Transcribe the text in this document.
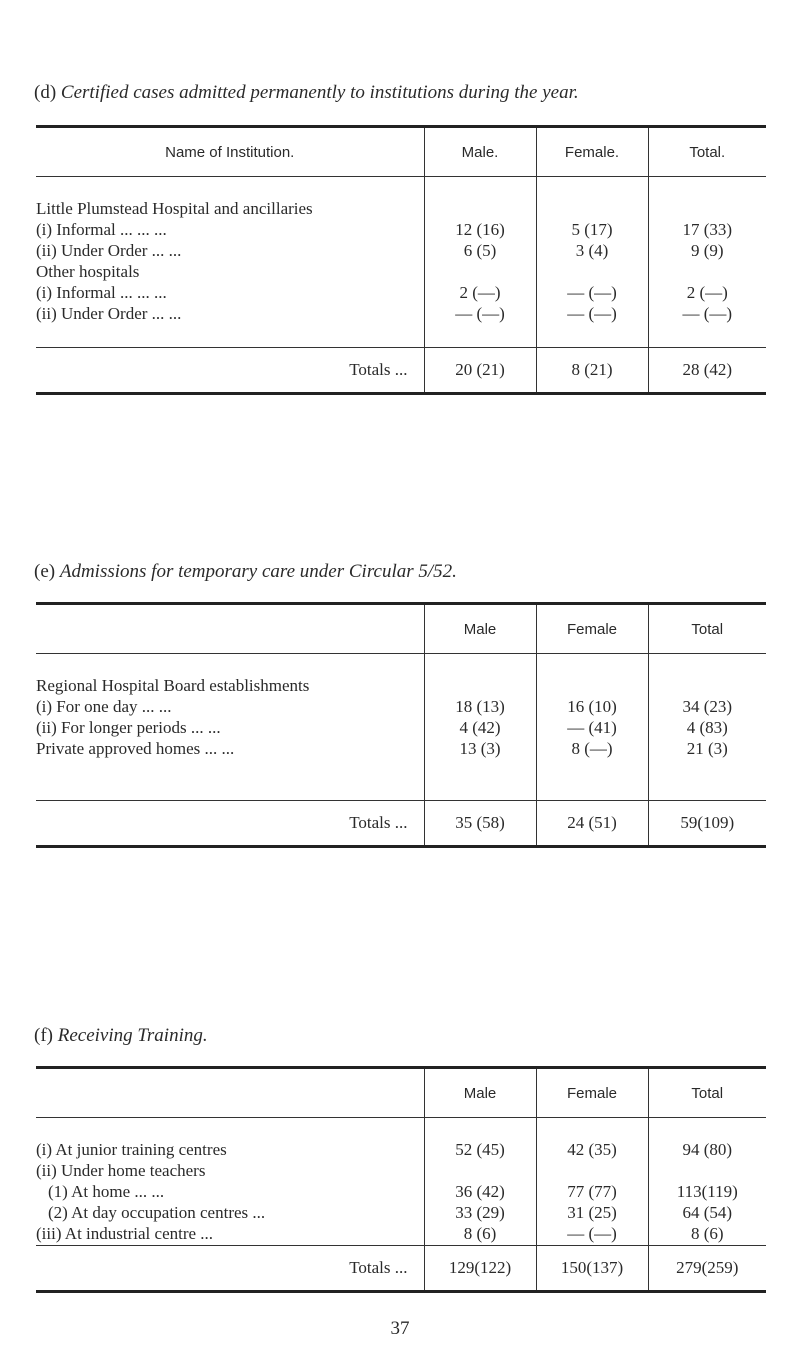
(d) Certified cases admitted permanently to institutions during the year.
Name of Institution.	Male.	Female.	Total.

Little Plumstead Hospital and ancillaries			
(i) Informal ... ... ...	12 (16)	5 (17)	17 (33)
(ii) Under Order ... ...	6 (5)	3 (4)	9 (9)
Other hospitals			
(i) Informal ... ... ...	2 (—)	— (—)	2 (—)
(ii) Under Order ... ...	— (—)	— (—)	— (—)

Totals ...	20 (21)	8 (21)	28 (42)
(e) Admissions for temporary care under Circular 5/52.
	Male	Female	Total

Regional Hospital Board establishments			
(i) For one day ... ...	18 (13)	16 (10)	34 (23)
(ii) For longer periods ... ...	4 (42)	— (41)	4 (83)
Private approved homes ... ...	13 (3)	8 (—)	21 (3)

Totals ...	35 (58)	24 (51)	59(109)
(f) Receiving Training.
	Male	Female	Total

(i) At junior training centres	52 (45)	42 (35)	94 (80)
(ii) Under home teachers			
(1) At home ... ...	36 (42)	77 (77)	113(119)
(2) At day occupation centres ...	33 (29)	31 (25)	64 (54)
(iii) At industrial centre ...	8 (6)	— (—)	8 (6)
Totals ...	129(122)	150(137)	279(259)
37
